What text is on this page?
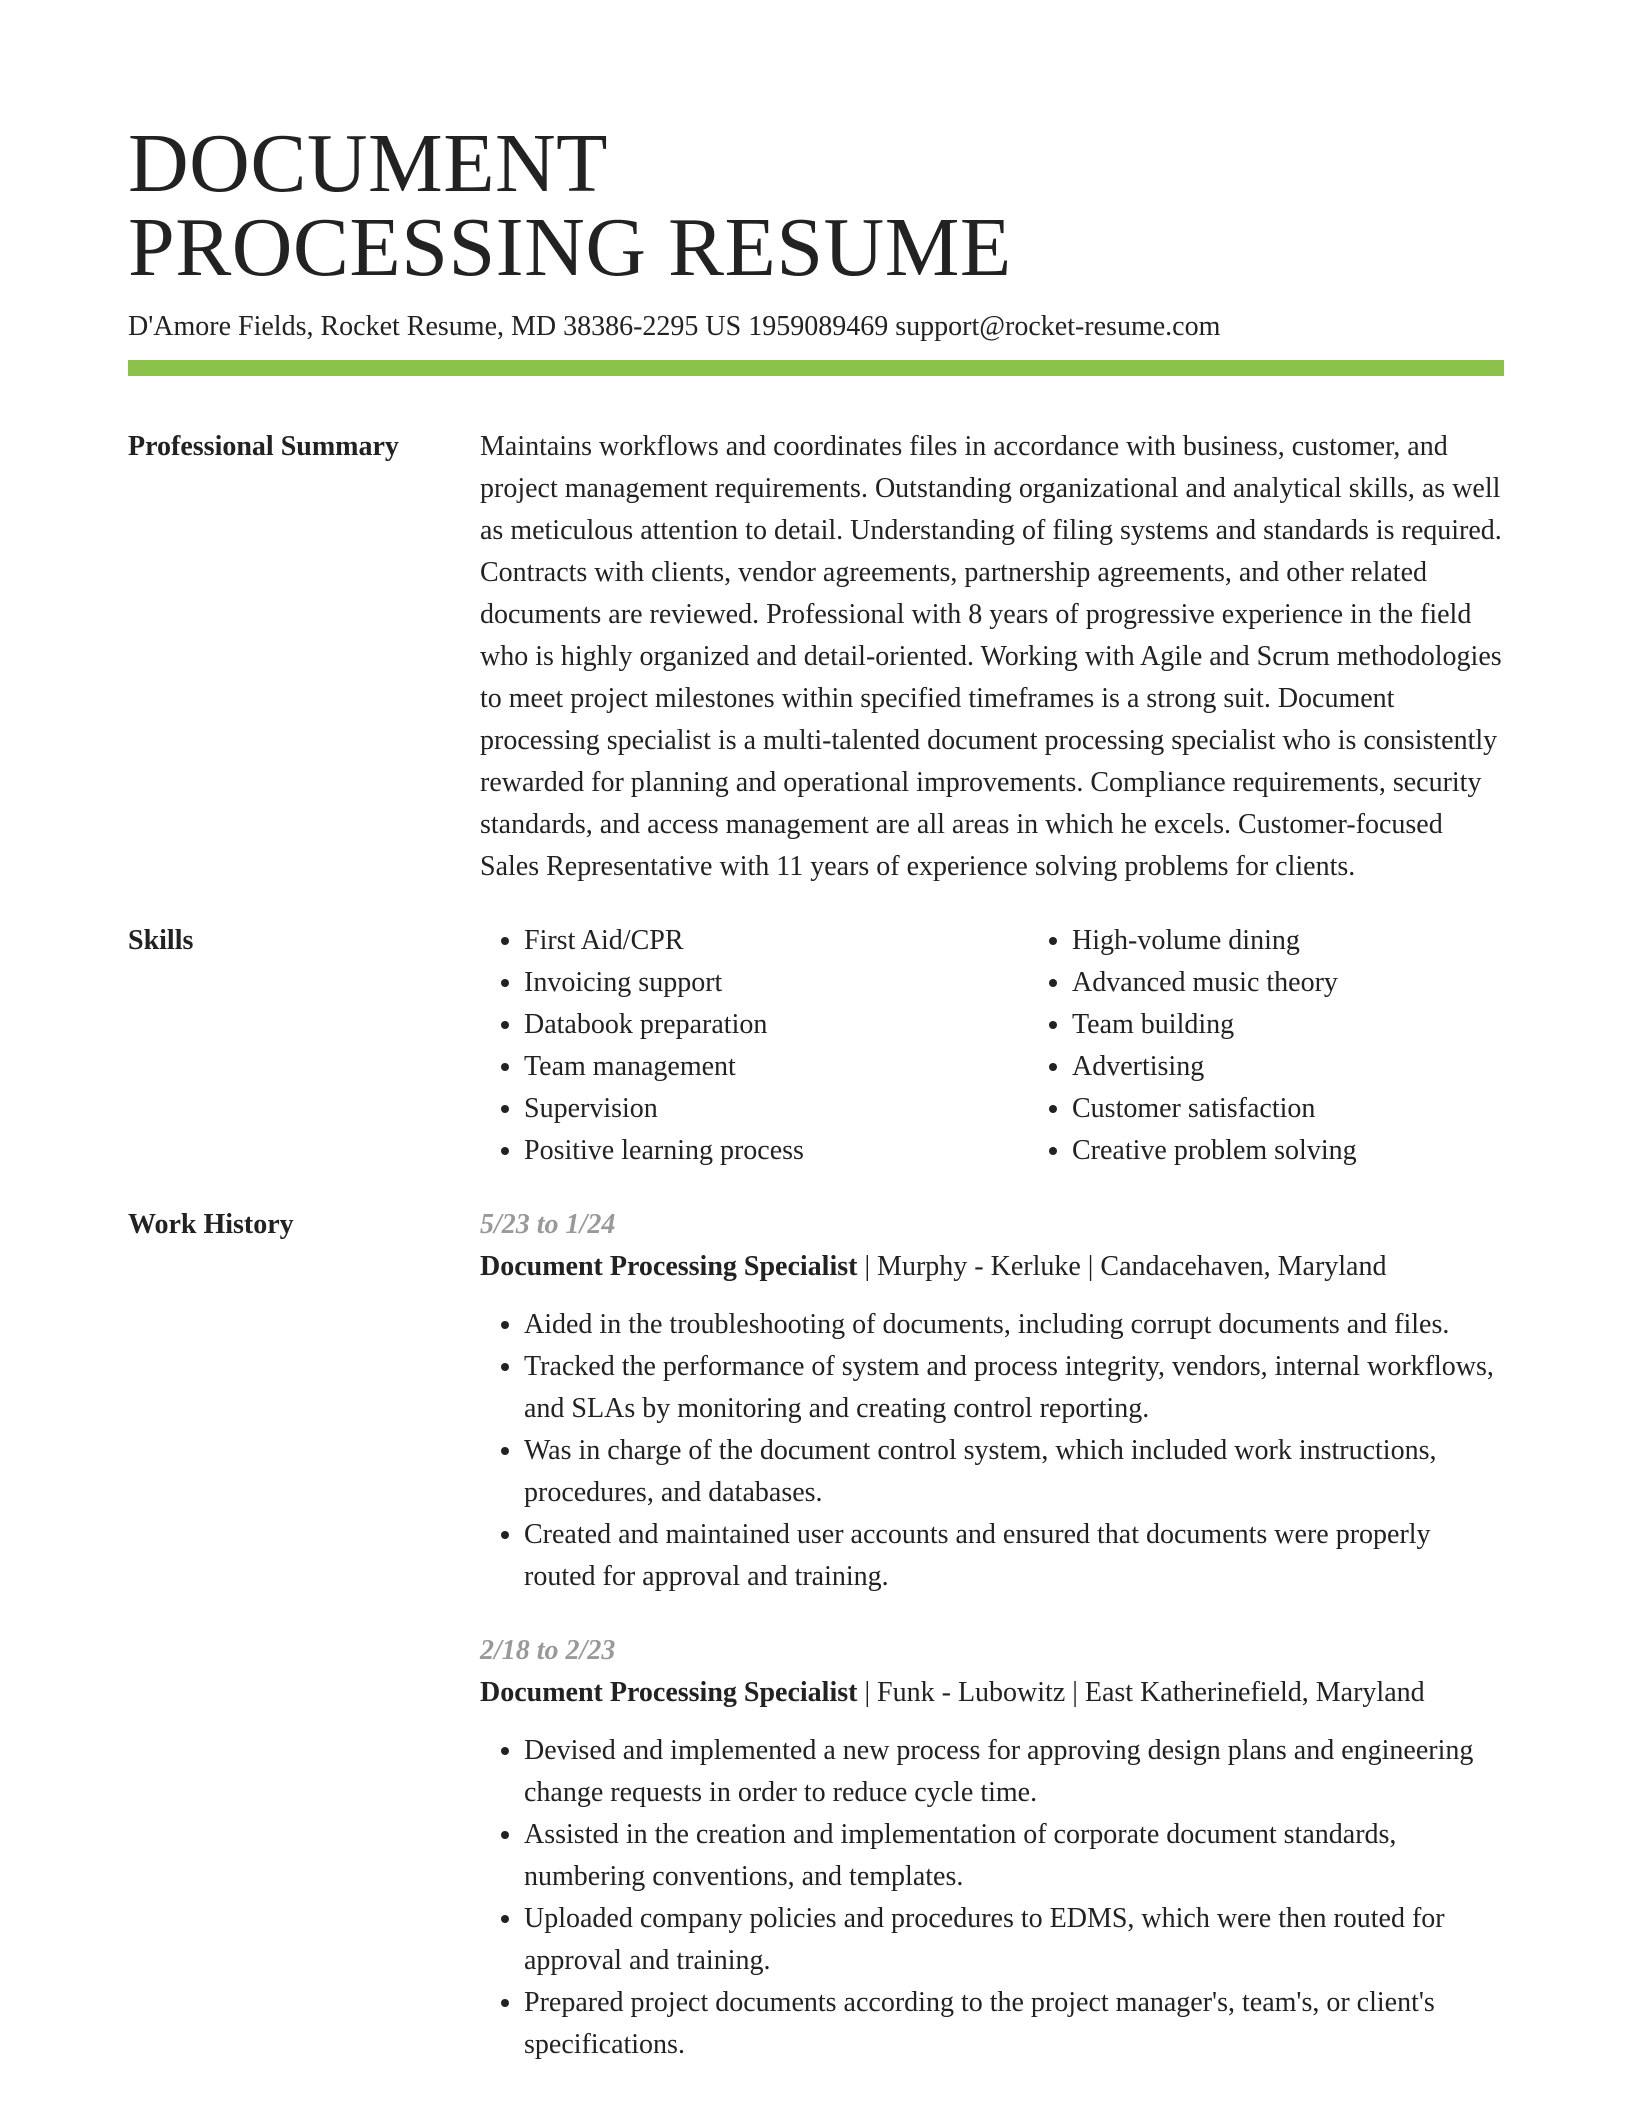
DOCUMENT
PROCESSING RESUME
D'Amore Fields, Rocket Resume, MD 38386-2295 US 1959089469 support@rocket-resume.com
Professional Summary	Maintains workflows and coordinates files in accordance with business, customer, and project management requirements. Outstanding organizational and analytical skills, as well as meticulous attention to detail. Understanding of filing systems and standards is required. Contracts with clients, vendor agreements, partnership agreements, and other related documents are reviewed. Professional with 8 years of progressive experience in the field who is highly organized and detail-oriented. Working with Agile and Scrum methodologies to meet project milestones within specified timeframes is a strong suit. Document processing specialist is a multi-talented document processing specialist who is consistently rewarded for planning and operational improvements. Compliance requirements, security standards, and access management are all areas in which he excels. Customer-focused Sales Representative with 11 years of experience solving problems for clients.

Skills
•	First Aid/CPR
• Invoicing support
• Databook preparation
• Team management
• Supervision
• Positive learning process
• High-volume dining
• Advanced music theory
• Team building
• Advertising
• Customer satisfaction
• Creative problem solving
Work History	5/23 to 1/24
Document Processing Specialist | Murphy - Kerluke | Candacehaven, Maryland
• Aided in the troubleshooting of documents, including corrupt documents and files.
• Tracked the performance of system and process integrity, vendors, internal workflows, and SLAs by monitoring and creating control reporting.
• Was in charge of the document control system, which included work instructions, procedures, and databases.
• Created and maintained user accounts and ensured that documents were properly routed for approval and training.
2/18 to 2/23
Document Processing Specialist | Funk - Lubowitz | East Katherinefield, Maryland
• Devised and implemented a new process for approving design plans and engineering change requests in order to reduce cycle time.
• Assisted in the creation and implementation of corporate document standards, numbering conventions, and templates.
• Uploaded company policies and procedures to EDMS, which were then routed for approval and training.
• Prepared project documents according to the project manager's, team's, or client's specifications.
